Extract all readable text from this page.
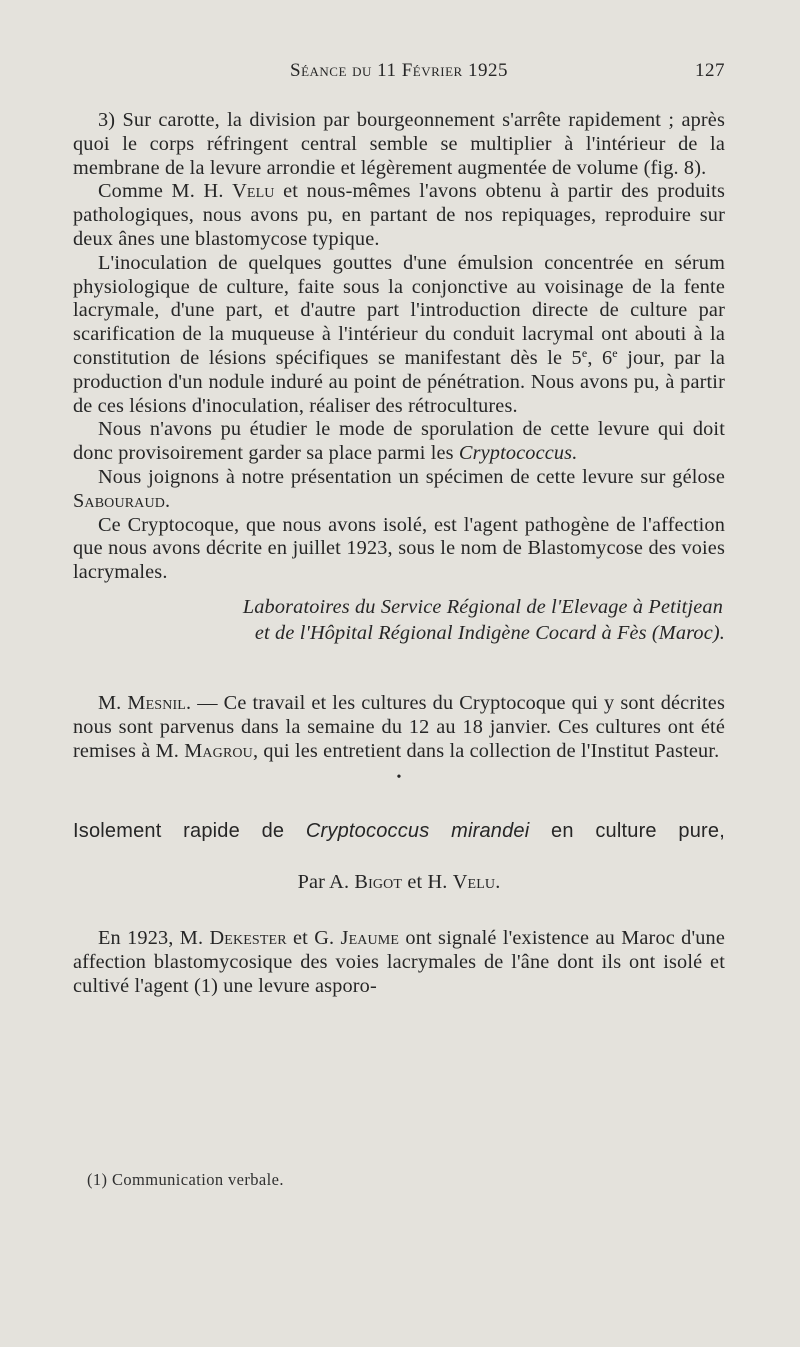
Séance du 11 Février 1925	127

3) Sur carotte, la division par bourgeonnement s'arrête rapidement ; après quoi le corps réfringent central semble se multiplier à l'intérieur de la membrane de la levure arrondie et légèrement augmentée de volume (fig. 8).

Comme M. H. Velu et nous-mêmes l'avons obtenu à partir des produits pathologiques, nous avons pu, en partant de nos repiquages, reproduire sur deux ânes une blastomycose typique.

L'inoculation de quelques gouttes d'une émulsion concentrée en sérum physiologique de culture, faite sous la conjonctive au voisinage de la fente lacrymale, d'une part, et d'autre part l'introduction directe de culture par scarification de la muqueuse à l'intérieur du conduit lacrymal ont abouti à la constitution de lésions spécifiques se manifestant dès le 5e, 6e jour, par la production d'un nodule induré au point de pénétration. Nous avons pu, à partir de ces lésions d'inoculation, réaliser des rétrocultures.

Nous n'avons pu étudier le mode de sporulation de cette levure qui doit donc provisoirement garder sa place parmi les Cryptococcus.

Nous joignons à notre présentation un spécimen de cette levure sur gélose Sabouraud.

Ce Cryptocoque, que nous avons isolé, est l'agent pathogène de l'affection que nous avons décrite en juillet 1923, sous le nom de Blastomycose des voies lacrymales.

Laboratoires du Service Régional de l'Elevage à Petitjean
et de l'Hôpital Régional Indigène Cocard à Fès (Maroc).

M. Mesnil. — Ce travail et les cultures du Cryptocoque qui y sont décrites nous sont parvenus dans la semaine du 12 au 18 janvier. Ces cultures ont été remises à M. Magrou, qui les entretient dans la collection de l'Institut Pasteur.

•
Isolement rapide de Cryptococcus mirandei en culture pure,
Par A. Bigot et H. Velu.

En 1923, M. Dekester et G. Jeaume ont signalé l'existence au Maroc d'une affection blastomycosique des voies lacrymales de l'âne dont ils ont isolé et cultivé l'agent (1) une levure asporo-

(1) Communication verbale.
